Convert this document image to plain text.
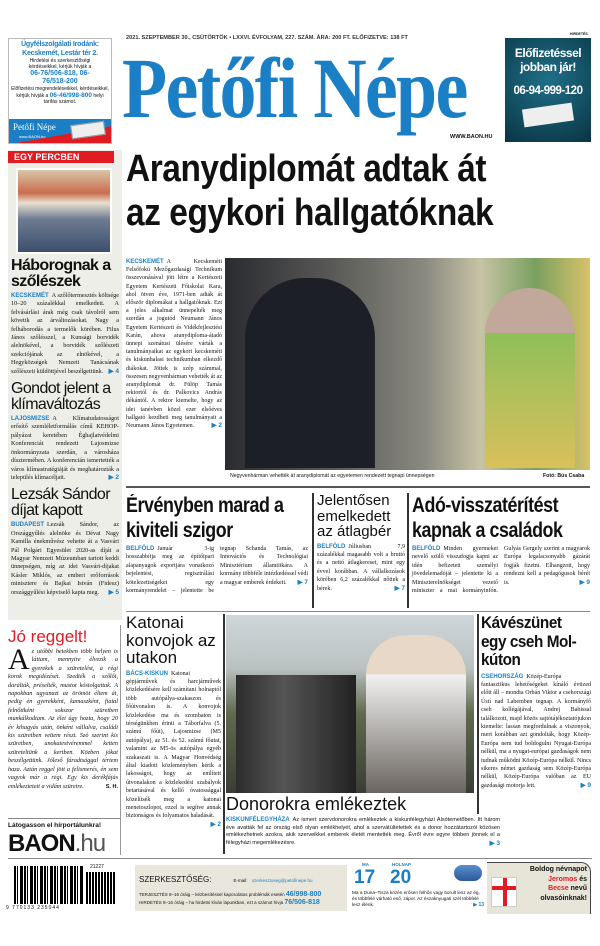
Ügyfélszolgálati Irodánk: Kecskemét, Lestár tér 2.
Hirdetési és szerkesztőségi kérdéseikkel, kérjük hívják a
06-76/506-818, 06-76/518-200
Előfizetési megrendeléseikkel, kérdéseikkel, kérjük hívják a 06-46/998-800 helyi tarifás számot.
Petőfi Népe
www.BAON.hu
2021. SZEPTEMBER 30., CSÜTÖRTÖK • LXXVI. ÉVFOLYAM, 227. SZÁM. ÁRA: 200 FT. ELŐFIZETVE: 138 FT
Petőfi Népe
WWW.BAON.HU
HIRDETÉS
Előfizetéssel
jobban jár!
06-94-999-120
EGY PERCBEN
Háborognak a szőlészek
KECSKEMÉT A szőlőtermesztés költsége 10–20 százalékkal emelkedett. A felvásárlási árak még csak távolról sem követik az árváltozásokat. Nagy a felháborodás a termelők körében. Filus János szőlésszel, a Kunsági borvidék alelnökével, a borvidék szőlészeti szekciójának az elnökével, a Hegyközségek Nemzeti Tanácsának szőlészeti küldöttjével beszélgettünk. ▶ 4
Gondot jelent a klímaváltozás
LAJOSMIZSE A Klímatudatosságot erősítő szemléletformálás című KEHOP-pályázat keretében Éghajlatvédelmi Konferenciát rendezett Lajosmizse önkormányzata szerdán, a városháza dísztermében. A konferencián ismertették a város klímastratégiáját és meghatározták a település klímacéljait.	▶ 2
Lezsák Sándor díjat kapott
BUDAPEST Lezsák Sándor, az Országgyűlés alelnöke és Dévai Nagy Kamilla énekművész vehette át a Vasvári Pál Polgári Egyesület 2020-as díját a Magyar Nemzeti Múzeumban tartott keddi ünnepségen, míg az idei Vasvári-díjakat Kásler Miklós, az emberi erőforrások minisztere és Bajkai István (Fidesz) országgyűlési képviselő kapta meg. ▶ 5
Jó reggelt!
Az utóbbi hetekben több helyen is láttam, mennyire élvezik a gyerekek a szüretelést, a régi korok megidézését. Szedték a szőlőt, darálták, préselték, mustot kóstolgattak. A napokban ugyanazt az örömöt éltem át, pedig én gyerekként, kamaszként, fiatal felnőttként sokszor szüretben munkálkodtam. Az élet úgy hozta, hogy 20 év kihagyás után, önként vállalva, családi kis szüretben vettem részt. Szó szerint kis szüretben, unokatestvéremmel ketten szüreteltünk a kertben. Közben jókat beszélgettünk. Jóleső fáradtsággal tértem haza. Aztán reggel jött a felismerés, én sem vagyok már a régi. Egy kis derékfájás emlékeztetett a vidám szüretre.	S. H.
Látogasson el hírportálunkra!
BAON.hu
Aranydiplomát adtak át
az egykori hallgatóknak
KECSKEMÉT A Kecskeméti Felsőfokú Mezőgazdasági Technikum összevonásával jött létre a Kertészeti Egyetem Kertészeti Főiskolai Kara, ahol ötven éve, 1971-ben adták át először diplomákat a hallgatóknak. Ezt a jeles alkalmat ünnepelték meg szerdán a jogutód Neumann János Egyetem Kertészeti és Vidékfejlesztési Karán, ahova aranydiploma-átadó ünnepi szenátusi ülésére várták a tanulmányaikat az egykori kecskeméti és kiskunhalasi technikumban elkezdő diákokat. Jöttek is szép számmal, összesen negyvenhárman vehették át az aranydiplomát dr. Fülöp Tamás rektortól és dr. Palkovics András dékántól. A rektor kiemelte, hogy az idei tanévben közel ezer elsőéves hallgató kezdheti meg tanulmányait a Neumann János Egyetemen.	▶ 2
Negyvenhárman vehették át aranydiplomát az egyetemen rendezett tegnapi ünnepségen	Fotó: Bús Csaba
Érvényben marad a kiviteli szigor
BELFÖLD Január 3-ig hosszabbítja meg az építőipari alapanyagok exportjára vonatkozó bejelentési, regisztrálási kötelezettségeket egy kormányrendelet – jelentette be tegnap Schanda Tamás, az Innovációs és Technológiai Minisztérium államtitkára. A kormány többféle intézkedéssel védi a magyar emberek érdekeit. ▶ 7
Jelentősen emelkedett az átlagbér
BELFÖLD Júliusban 7,9 százalékkal magasabb volt a bruttó és a nettó átlagkereset, mint egy évvel korábban. A vállalkozások körében 6,2 százalékkal nőttek a bérek.	▶ 7
Adó-visszatérítést kapnak a családok
BELFÖLD Minden gyermeket nevelő szülő visszafogja kapni az idén befizetett személyi jövedelemadóját – jelentette ki a Miniszterelnökséget vezető miniszter a mai kormányinfón. Gulyás Gergely szerint a magyarok Európa legalacsonyabb gázárát fogják fizetni. Elhangzott, hogy rendezni kell a pedagógusok bérét is.	▶ 9
Katonai konvojok az utakon
BÁCS-KISKUN Katonai gépjárművek és harcjárművek közlekedésére kell számítani holnaptól több autópálya-szakaszon és főútvonalon is. A konvojok közlekedése ma és szombaton is térségünkben érinti a Táborfalva (5. számú főút), Lajosmizse (M5 autópálya), az 51. és 52. számú főutat, valamint az M5-ös autópálya egyéb szakaszait is. A Magyar Honvédség által kiadott közleményben kérik a lakosságot, hogy az említett útvonalakon a közlekedési szabályok betartásával és kellő óvatossággal közelítsék meg a katonai menetoszlopot, ezzel is segítve annak biztonságos és folyamatos haladását.
▶ 2
Donorokra emlékeztek
KISKUNFÉLEGYHÁZA Az ismert szervdonorokra emlékeztek a kiskunfélegyházi Alsótemetőben. Itt három éve avatták fel az ország első olyan emlékhelyét, ahol a szervátültetettek és a donor hozzátartozói közösen emlékezhetnek azokra, akik szerveikkel emberek életét mentették meg. Évről évre egyre többen jönnek el a félegyházi megemlékezésre.	▶ 3
Kávészünet egy cseh Mol-kúton
CSEHORSZÁG Közép-Európa fantasztikus lehetőségeket kínáló évtized előtt áll – mondta Orbán Viktor a csehországi Ústí nad Labemben tegnap. A kormányfő cseh kollégájával, Andrej Babissal találkozott, majd közös sajtótájékoztatójukon kiemelte: lassan megfordulnak a viszonyok, mert korábban azt gondolták, hogy Közép-Európa nem tud boldogulni Nyugat-Európa nélkül, ma a nyugat-európai gazdaságok nem tudnak működni Közép-Európa nélkül. Nincs sikeres német gazdaság sem Közép-Európa nélkül, Közép-Európa valóban az EU gazdasági motorja lett.	▶ 9
21227
9 770133 235044
SZERKESZTŐSÉG:	E-mail: szerkesztoseg@petofinepe.hu
TERJESZTÉS 8–16 óráig – kézbesítéssel kapcsolatos problémák esetén 46/998-800
HIRDETÉS 8–16 óráig – ha hirdetni kíván lapunkban, ezt a számot hívja 76/506-818
MA
17
HOLNAP
20
Ma a Duna–Tisza közén erősen felhős vagy borult lesz az ég, és többfelé várható eső, zápor. Az északnyugati szél többfelé lesz élénk.	▶ 13
Boldog névnapot
Jeromos és
Becse nevű
olvasóinknak!
